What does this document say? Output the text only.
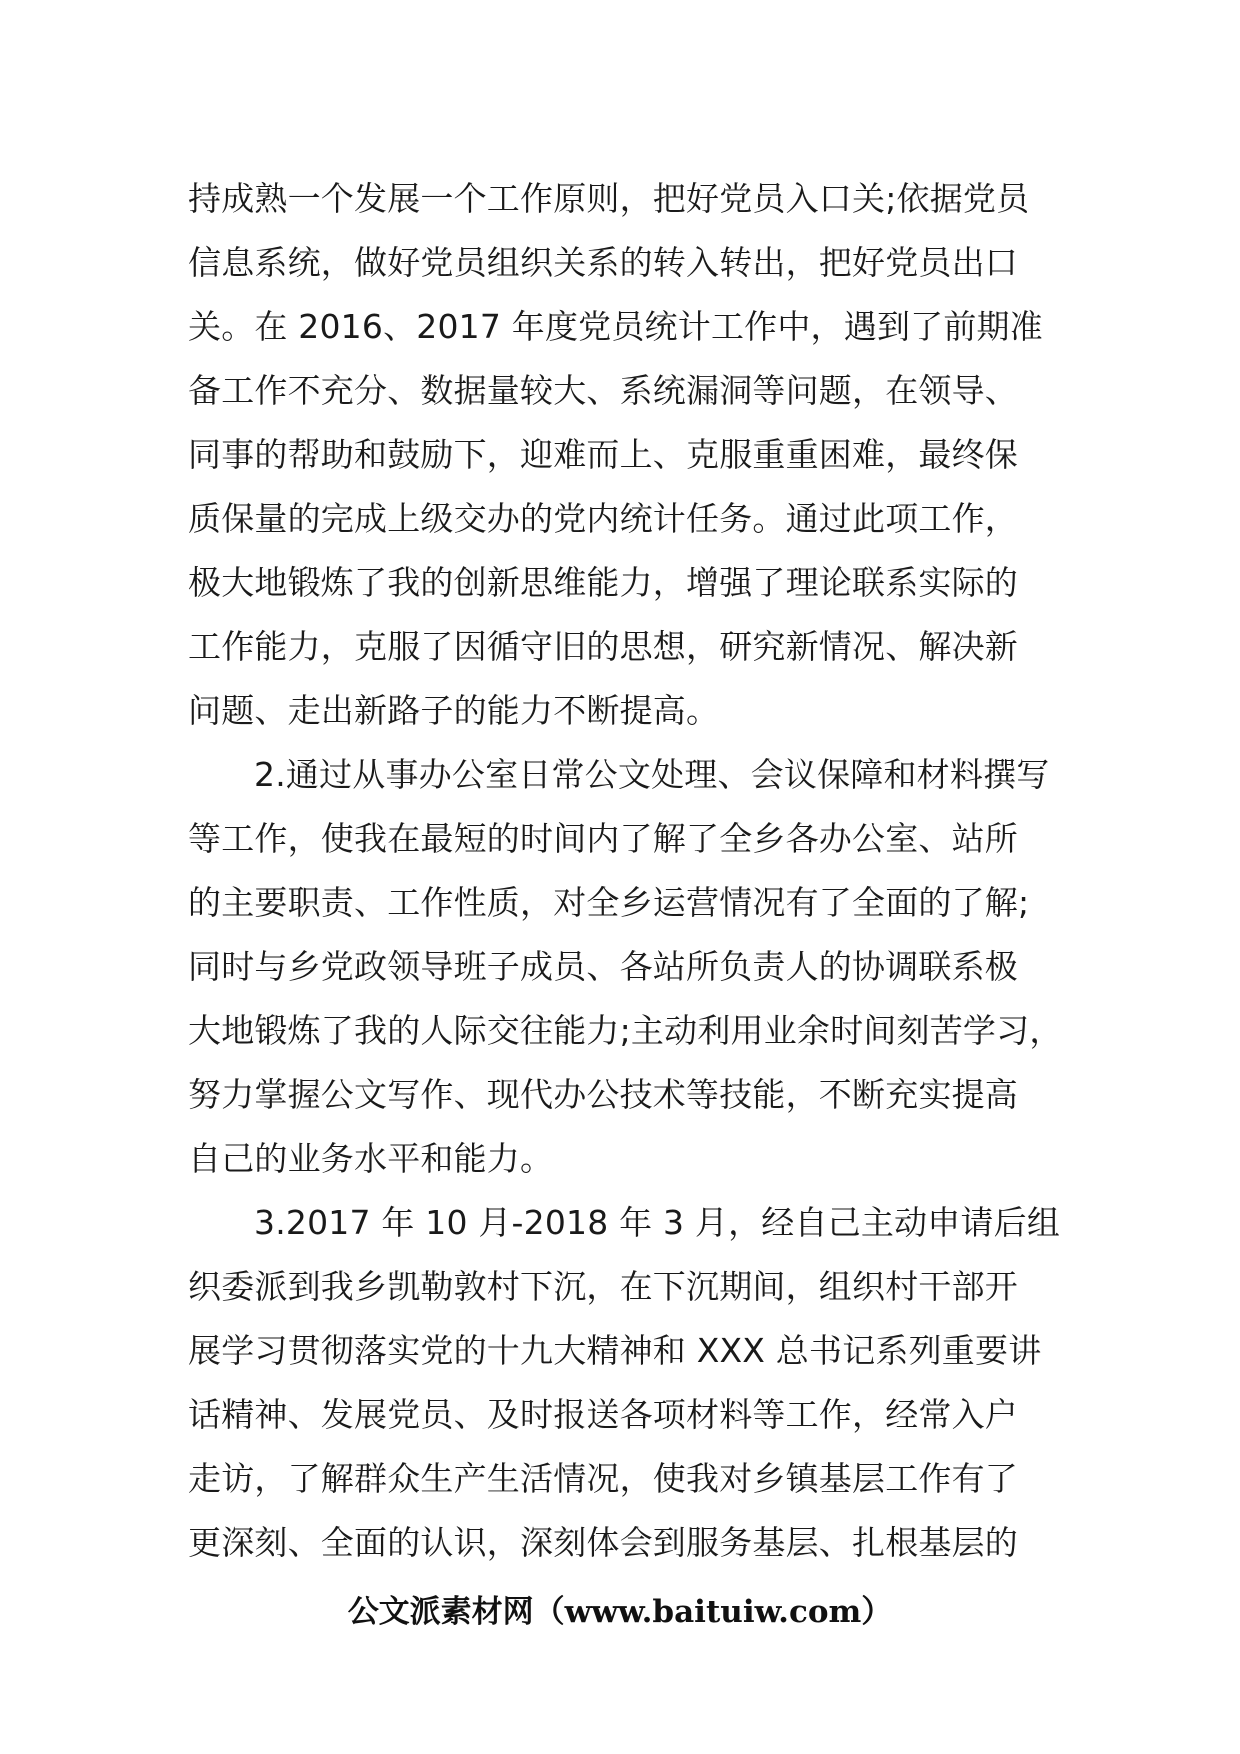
持成熟一个发展一个工作原则，把好党员入口关;依据党员
信息系统，做好党员组织关系的转入转出，把好党员出口
关。在 2016、2017 年度党员统计工作中，遇到了前期准
备工作不充分、数据量较大、系统漏洞等问题，在领导、
同事的帮助和鼓励下，迎难而上、克服重重困难，最终保
质保量的完成上级交办的党内统计任务。通过此项工作，
极大地锻炼了我的创新思维能力，增强了理论联系实际的
工作能力，克服了因循守旧的思想，研究新情况、解决新
问题、走出新路子的能力不断提高。
2.通过从事办公室日常公文处理、会议保障和材料撰写
等工作，使我在最短的时间内了解了全乡各办公室、站所
的主要职责、工作性质，对全乡运营情况有了全面的了解;
同时与乡党政领导班子成员、各站所负责人的协调联系极
大地锻炼了我的人际交往能力;主动利用业余时间刻苦学习，
努力掌握公文写作、现代办公技术等技能，不断充实提高
自己的业务水平和能力。
3.2017 年 10 月-2018 年 3 月，经自己主动申请后组
织委派到我乡凯勒敦村下沉，在下沉期间，组织村干部开
展学习贯彻落实党的十九大精神和 XXX 总书记系列重要讲
话精神、发展党员、及时报送各项材料等工作，经常入户
走访，了解群众生产生活情况，使我对乡镇基层工作有了
更深刻、全面的认识，深刻体会到服务基层、扎根基层的
公文派素材网（www.baituiw.com）
